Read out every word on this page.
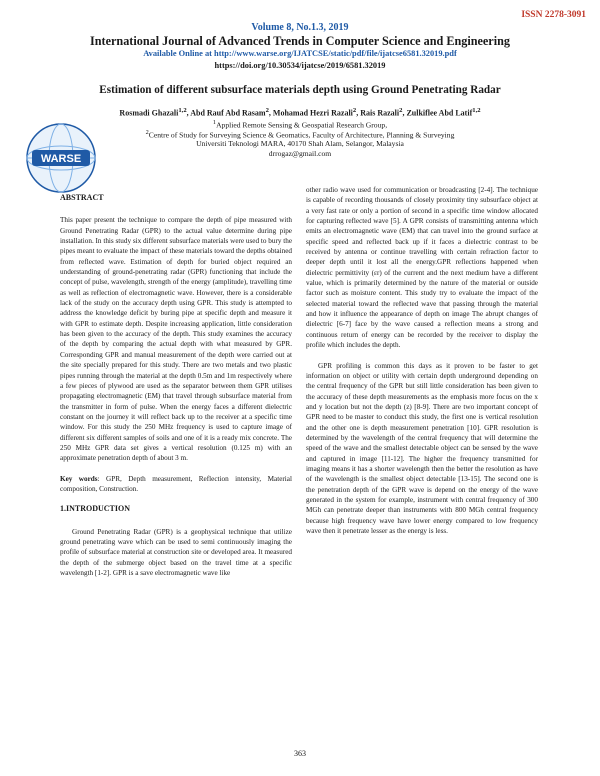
ISSN 2278-3091
Volume 8, No.1.3, 2019
International Journal of Advanced Trends in Computer Science and Engineering
Available Online at http://www.warse.org/IJATCSE/static/pdf/file/ijatcse6581.32019.pdf
https://doi.org/10.30534/ijatcse/2019/6581.32019
WARSE
Estimation of different subsurface materials depth using Ground Penetrating Radar
Rosmadi Ghazali$^{1,2}$, Abd Rauf Abd Rasam$^2$, Mohamad Hezri Razali$^2$, Rais Razali$^2$, Zulkiflee Abd Latif$^{1,2}$
$^1$Applied Remote Sensing & Geospatial Research Group,
$^2$Centre of Study for Surveying Science & Geomatics, Faculty of Architecture, Planning & Surveying
Universiti Teknologi MARA, 40170 Shah Alam, Selangor, Malaysia
drrogaz@gmail.com

ABSTRACT

This paper present the technique to compare the depth of pipe measured with Ground Penetrating Radar (GPR) to the actual value determine during pipe installation. In this study six different subsurface materials were used to bury the pipes meant to evaluate the impact of these materials toward the depths obtained from reflected wave. Estimation of depth for buried object required an understanding of ground-penetrating radar (GPR) functioning that include the concept of pulse, wavelength, strength of the energy (amplitude), travelling time as well as reflection of electromagnetic wave. However, there is a considerable lack of the study on the accuracy depth using GPR. This study is attempted to address the knowledge deficit by buring pipe at specific depth and measure it with GPR to estimate depth. Despite increasing application, little consideration has been given to the accuracy of the depth. This study examines the accuracy of the depth by comparing the actual depth with what measured by GPR. Corresponding GPR and manual measurement of the depth were carried out at the site specially prepared for this study. There are two metals and two plastic pipes running through the material at the depth 0.5m and 1m respectively where a few pieces of plywood are used as the separator between them GPR utilises propagating electromagnetic (EM) that travel through subsurface material from the transmitter in form of pulse. When the energy faces a different dielectric constant on the journey it will reflect back up to the receiver at a specific time window. For this study the 250 MHz frequency is used to capture image of different six different samples of soils and one of it is a ready mix concrete. The 250 MHz GPR data set gives a vertical resolution (0.125 m) with an approximate penetration depth of about 3 m.

Key words: GPR, Depth measurement, Reflection intensity, Material composition, Construction.

1.INTRODUCTION

Ground Penetrating Radar (GPR) is a geophysical technique that utilize ground penetrating wave which can be used to semi continuously imaging the profile of subsurface material at construction site or developed area. It measured the depth of the submerge object based on the travel time at a specific wavelength [1-2]. GPR is a save electromagnetic wave like

other radio wave used for communication or broadcasting [2-4]. The technique is capable of recording thousands of closely proximity tiny subsurface object at a very fast rate or only a portion of second in a specific time window allocated for capturing reflected wave [5]. A GPR consists of transmitting antenna which emits an electromagnetic wave (EM) that can travel into the ground surface at specific speed and reflected back up if it faces a dielectric contrast to be received by antenna or continue travelling with certain refraction factor to deeper depth until it lost all the energy.GPR reflections happened when dielectric permittivity (εr) of the current and the next medium have a different value, which is primarily determined by the nature of the material or outside factor such as moisture content. This study try to evaluate the impact of the selected material toward the reflected wave that passing through the material and how it influence the appearance of depth on image The abrupt changes of dielectric [6-7] face by the wave caused a reflection means a strong and continuous return of energy can be recorded by the receiver to display the profile which includes the depth.

GPR profiling is common this days as it proven to be faster to get information on object or utility with certain depth underground depending on the central frequency of the GPR but still little consideration has been given to the accuracy of these depth measurements as the emphasis more focus on the x and y location but not the depth (z) [8-9]. There are two important concept of GPR need to be master to conduct this study, the first one is vertical resolution and the other one is depth measurement penetration [10]. GPR resolution is determined by the wavelength of the central frequency that will determine the speed of the wave and the smallest detectable object can be sensed by the wave and captured in image [11-12]. The higher the frequency transmitted for imaging means it has a shorter wavelength then the better the resolution as have of the wavelength is the smallest object detectable [13-15]. The second one is the penetration depth of the GPR wave is depend on the energy of the wave generated in the system for example, instrument with central frequency of 300 MGh can penetrate deeper than instruments with 800 MGh central frequency because high frequency wave have lower energy compared to low frequency wave then it penetrate lesser as the energy is less.

363
